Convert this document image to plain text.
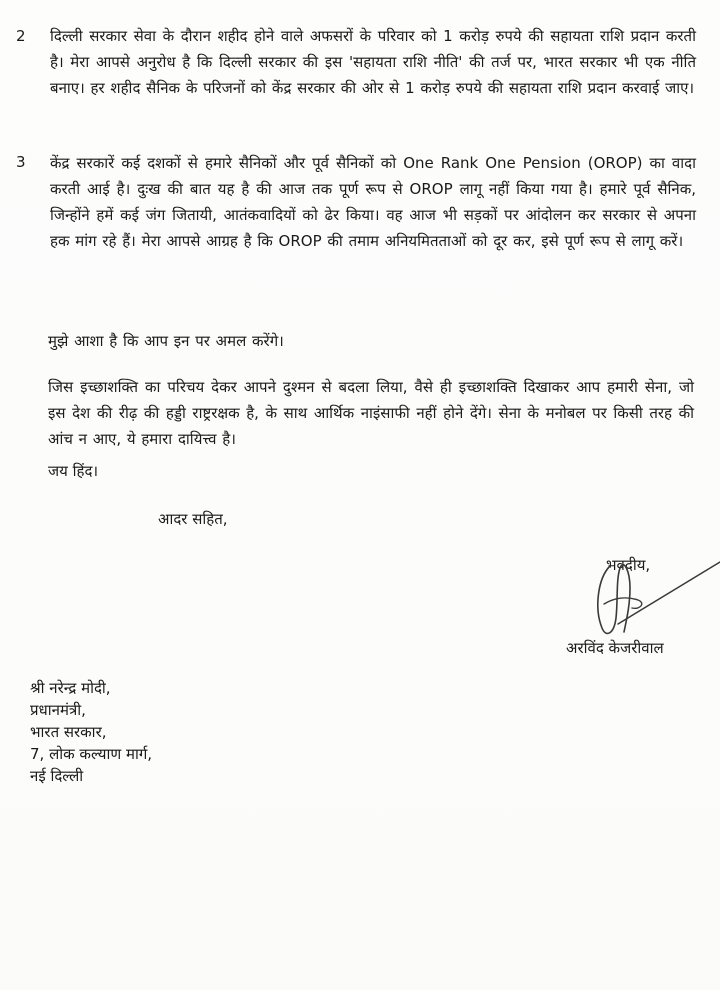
2 दिल्ली सरकार सेवा के दौरान शहीद होने वाले अफसरों के परिवार को 1 करोड़ रुपये की सहायता राशि प्रदान करती है। मेरा आपसे अनुरोध है कि दिल्ली सरकार की इस 'सहायता राशि नीति' की तर्ज पर, भारत सरकार भी एक नीति बनाए। हर शहीद सैनिक के परिजनों को केंद्र सरकार की ओर से 1 करोड़ रुपये की सहायता राशि प्रदान करवाई जाए।
3 केंद्र सरकारें कई दशकों से हमारे सैनिकों और पूर्व सैनिकों को One Rank One Pension (OROP) का वादा करती आई है। दुःख की बात यह है की आज तक पूर्ण रूप से OROP लागू नहीं किया गया है। हमारे पूर्व सैनिक, जिन्होंने हमें कई जंग जितायी, आतंकवादियों को ढेर किया। वह आज भी सड़कों पर आंदोलन कर सरकार से अपना हक मांग रहे हैं। मेरा आपसे आग्रह है कि OROP की तमाम अनियमितताओं को दूर कर, इसे पूर्ण रूप से लागू करें।
मुझे आशा है कि आप इन पर अमल करेंगे।
जिस इच्छाशक्ति का परिचय देकर आपने दुश्मन से बदला लिया, वैसे ही इच्छाशक्ति दिखाकर आप हमारी सेना, जो इस देश की रीढ़ की हड्डी राष्ट्ररक्षक है, के साथ आर्थिक नाइंसाफी नहीं होने देंगे। सेना के मनोबल पर किसी तरह की आंच न आए, ये हमारा दायित्त्व है।
जय हिंद।
आदर सहित,
भवदीय,
अरविंद केजरीवाल
श्री नरेन्द्र मोदी,
प्रधानमंत्री,
भारत सरकार,
7, लोक कल्याण मार्ग,
नई दिल्ली
